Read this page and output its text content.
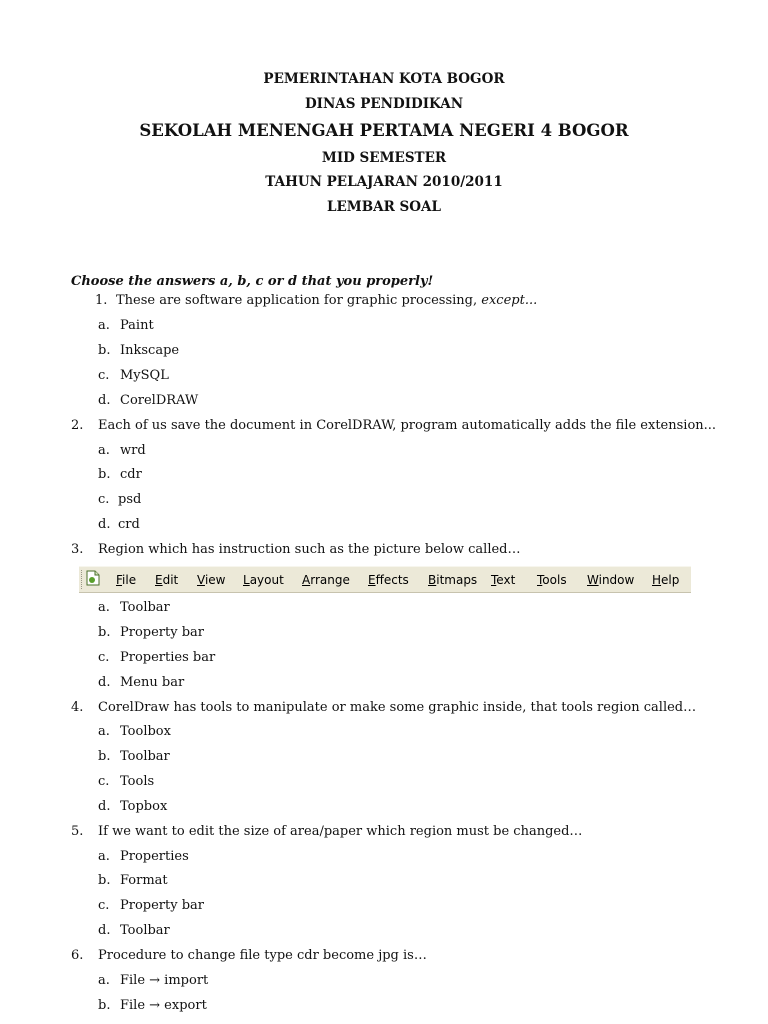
PEMERINTAHAN KOTA BOGOR
DINAS PENDIDIKAN
SEKOLAH MENENGAH PERTAMA NEGERI 4 BOGOR
MID SEMESTER
TAHUN PELAJARAN 2010/2011
LEMBAR SOAL
Choose the answers a, b, c or d that you properly!
1. These are software application for graphic processing, except...
a. Paint
b. Inkscape
c. MySQL
d. CorelDRAW
2. Each of us save the document in CorelDRAW, program automatically adds the file extension...
a. wrd
b. cdr
c. psd
d. crd
3. Region which has instruction such as the picture below called…
File Edit View Layout Arrange Effects Bitmaps Text Tools Window Help
a. Toolbar
b. Property bar
c. Properties bar
d. Menu bar
4. CorelDraw has tools to manipulate or make some graphic inside, that tools region called…
a. Toolbox
b. Toolbar
c. Tools
d. Topbox
5. If we want to edit the size of area/paper which region must be changed…
a. Properties
b. Format
c. Property bar
d. Toolbar
6. Procedure to change file type cdr become jpg is…
a. File → import
b. File → export
